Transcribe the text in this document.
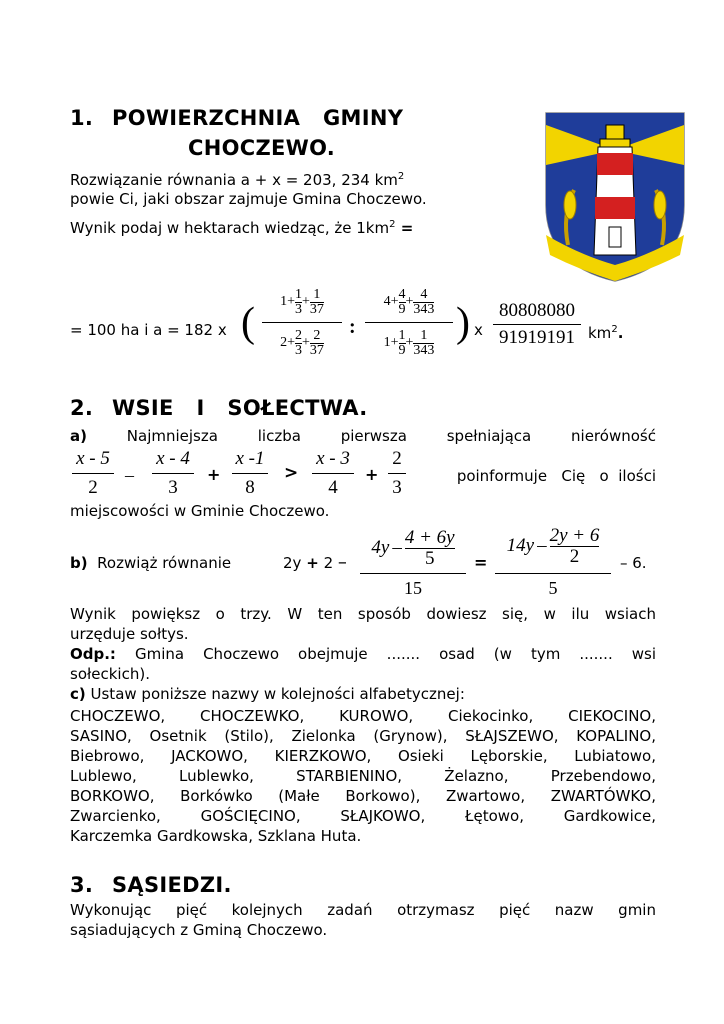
1. POWIERZCHNIA   GMINY
CHOCZEWO.
Rozwiązanie równania a + x = 203, 234 $km^2$
powie Ci, jaki obszar zajmuje Gmina Choczewo.
Wynik podaj w hektarach wiedząc, że $1km^2$ =
= 100 ha i a = 182 x (	)
1 + 1
3 + 1
37
2 + 2
3 + 2
37
:
4 + 4
9 + 4
343
1 + 1
9 + 1
343
x
80808080
91919191 $km^2$.
2. WSIE   I   SOŁECTWA.
a)	Najmniejsza	liczba	pierwsza	spełniająca	nierówność
x - 5
2
–
x - 4
3
+
x -1
8
>
x - 3
4
+
2
3
poinformuje   Cię   o  ilości
miejscowości w Gminie Choczewo.
b) Rozwiąż równanie	2y + 2 –
4y – 4 + 6y
5
15
=
14y – 2y + 6
2
5
– 6.
Wynik powiększ o trzy. W ten sposób dowiesz się, w ilu wsiach
urzęduje sołtys.
Odp.: Gmina Choczewo obejmuje ....... osad (w tym ....... wsi
sołeckich).
c) Ustaw poniższe nazwy w kolejności alfabetycznej:
CHOCZEWO, CHOCZEWKO, KUROWO, Ciekocinko, CIEKOCINO,
SASINO, Osetnik (Stilo), Zielonka (Grynow), SŁAJSZEWO, KOPALINO,
Biebrowo, JACKOWO, KIERZKOWO, Osieki Lęborskie, Lubiatowo,
Lublewo, Lublewko, STARBIENINO, Żelazno, Przebendowo,
BORKOWO, Borkówko (Małe Borkowo), Zwartowo, ZWARTÓWKO,
Zwarcienko, GOŚCIĘCINO, SŁAJKOWO, Łętowo, Gardkowice,
Karczemka Gardkowska, Szklana Huta.
3. SĄSIEDZI.
Wykonując pięć kolejnych zadań otrzymasz pięć nazw gmin
sąsiadujących z Gminą Choczewo.
